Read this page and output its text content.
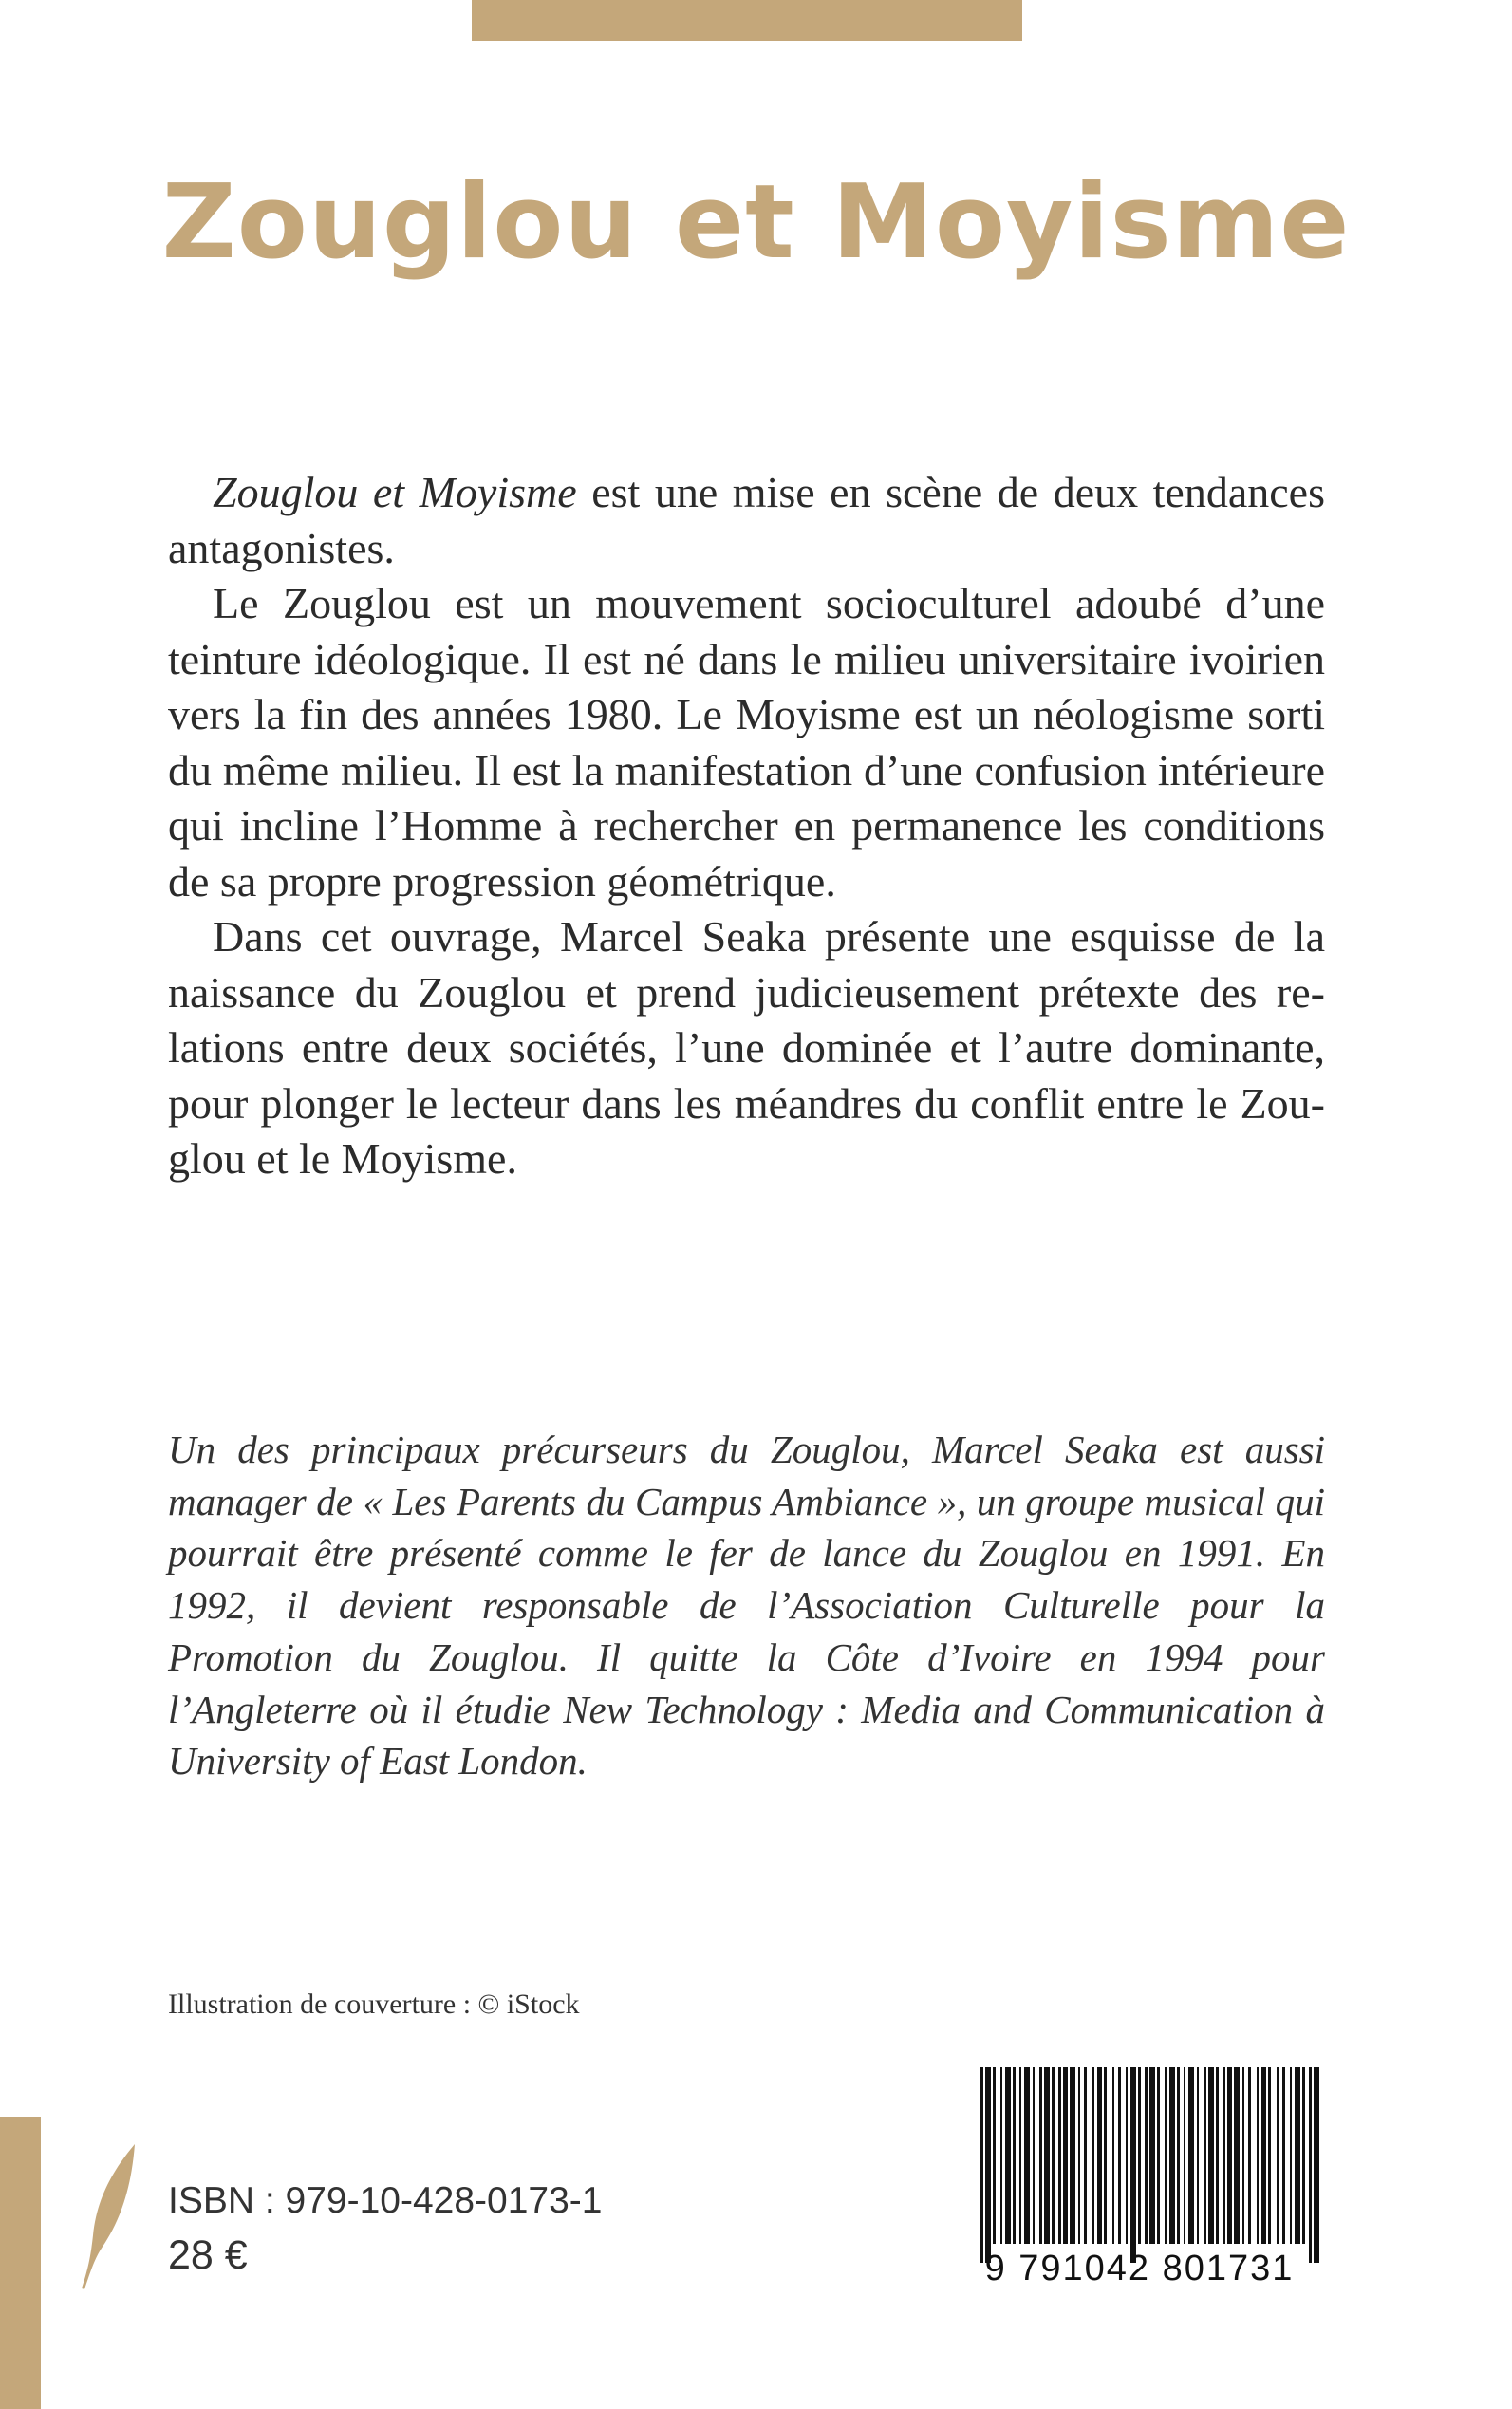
Zouglou et Moyisme

Zouglou et Moyisme est une mise en scène de deux tendances antagonistes.

Le Zouglou est un mouvement socioculturel adoubé d’une teinture idéologique. Il est né dans le milieu universitaire ivoirien vers la fin des années 1980. Le Moyisme est un néologisme sorti du même milieu. Il est la manifestation d’une confusion intérieure qui incline l’Homme à rechercher en permanence les conditions de sa propre progression géométrique.

Dans cet ouvrage, Marcel Seaka présente une esquisse de la naissance du Zouglou et prend judicieusement prétexte des relations entre deux sociétés, l’une dominée et l’autre dominante, pour plonger le lecteur dans les méandres du conflit entre le Zouglou et le Moyisme.

Un des principaux précurseurs du Zouglou, Marcel Seaka est aussi manager de « Les Parents du Campus Ambiance », un groupe musical qui pourrait être présenté comme le fer de lance du Zouglou en 1991. En 1992, il devient responsable de l’Association Culturelle pour la Promotion du Zouglou. Il quitte la Côte d’Ivoire en 1994 pour l’Angleterre où il étudie New Technology : Media and Communication à University of East London.

Illustration de couverture : © iStock
ISBN : 979-10-428-0173-1
28 €	9 791042 801731
